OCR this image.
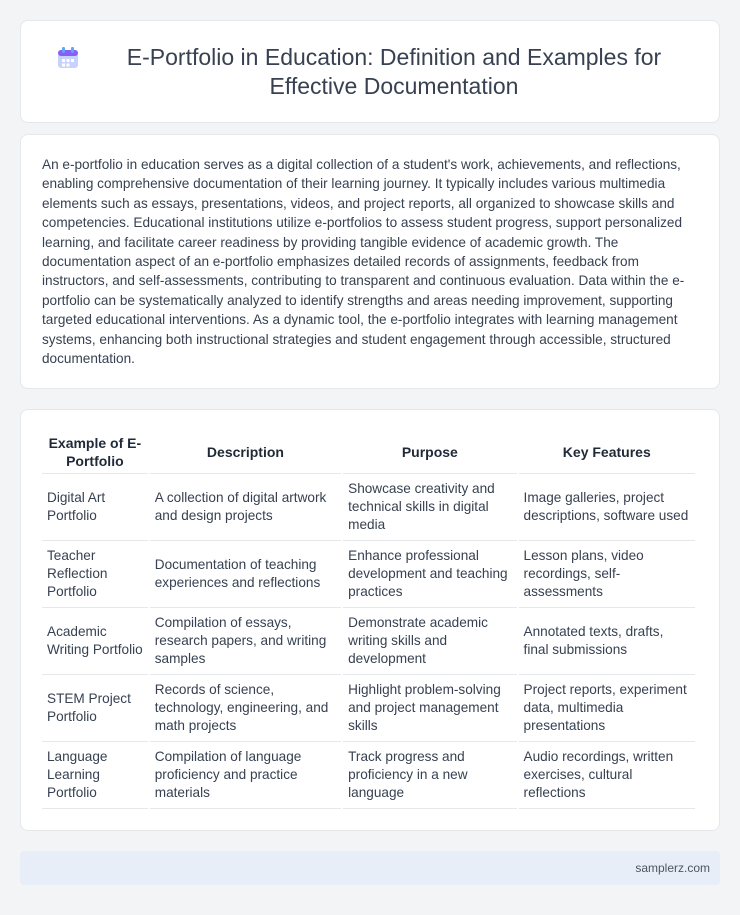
E-Portfolio in Education: Definition and Examples for Effective Documentation

An e-portfolio in education serves as a digital collection of a student's work, achievements, and reflections, enabling comprehensive documentation of their learning journey. It typically includes various multimedia elements such as essays, presentations, videos, and project reports, all organized to showcase skills and competencies. Educational institutions utilize e-portfolios to assess student progress, support personalized learning, and facilitate career readiness by providing tangible evidence of academic growth. The documentation aspect of an e-portfolio emphasizes detailed records of assignments, feedback from instructors, and self-assessments, contributing to transparent and continuous evaluation. Data within the e-portfolio can be systematically analyzed to identify strengths and areas needing improvement, supporting targeted educational interventions. As a dynamic tool, the e-portfolio integrates with learning management systems, enhancing both instructional strategies and student engagement through accessible, structured documentation.

Example of E-Portfolio	Description	Purpose	Key Features
Digital Art Portfolio	A collection of digital artwork and design projects	Showcase creativity and technical skills in digital media	Image galleries, project descriptions, software used
Teacher Reflection Portfolio	Documentation of teaching experiences and reflections	Enhance professional development and teaching practices	Lesson plans, video recordings, self-assessments
Academic Writing Portfolio	Compilation of essays, research papers, and writing samples	Demonstrate academic writing skills and development	Annotated texts, drafts, final submissions
STEM Project Portfolio	Records of science, technology, engineering, and math projects	Highlight problem-solving and project management skills	Project reports, experiment data, multimedia presentations
Language Learning Portfolio	Compilation of language proficiency and practice materials	Track progress and proficiency in a new language	Audio recordings, written exercises, cultural reflections
samplerz.com
